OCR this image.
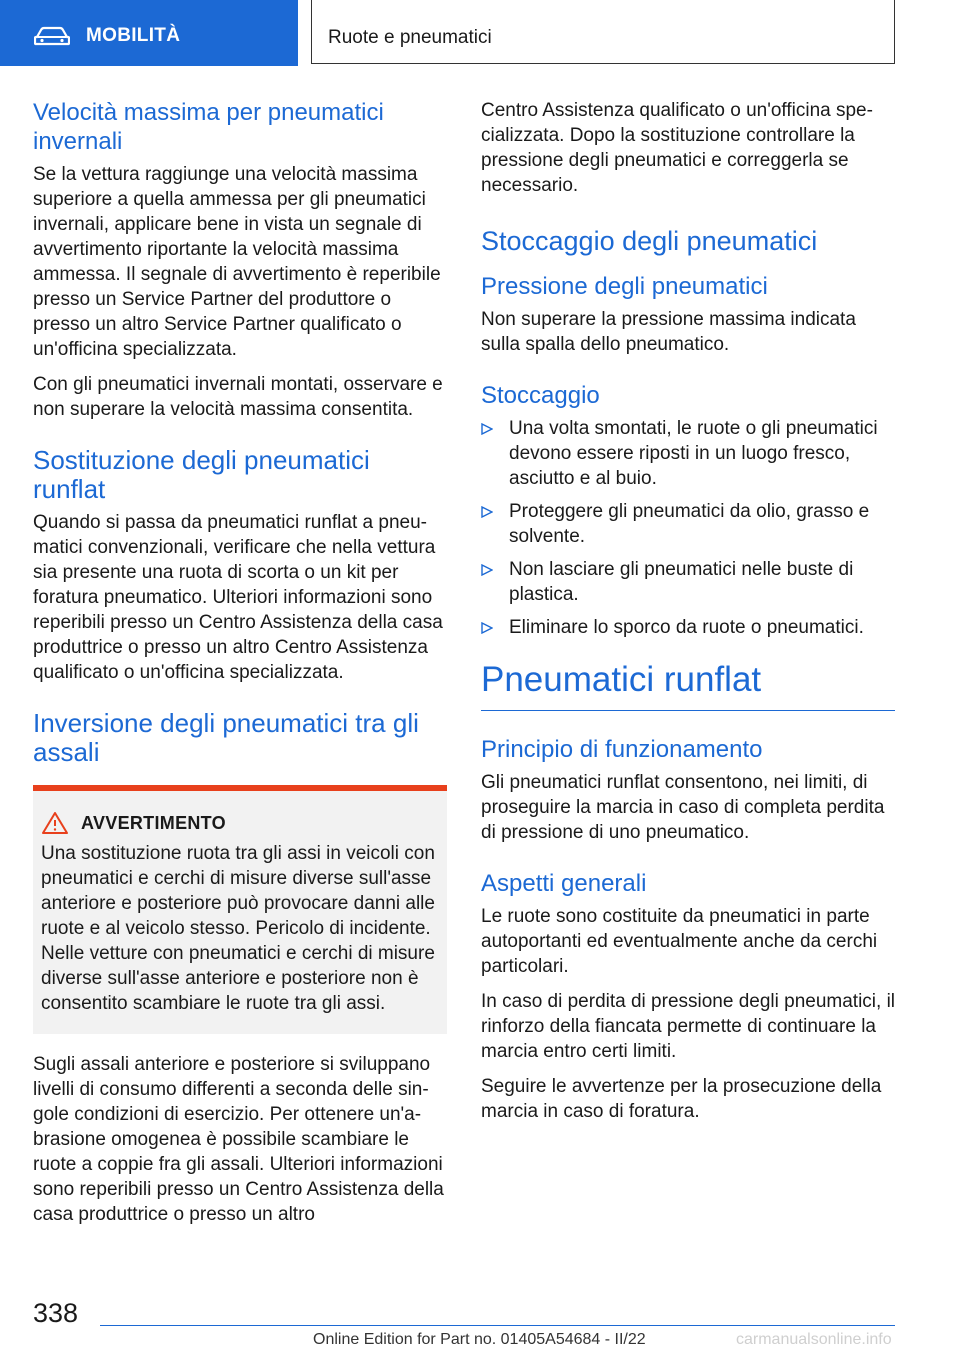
MOBILITÀ	Ruote e pneumatici
Velocità massima per pneumatici invernali

Se la vettura raggiunge una velocità massima superiore a quella ammessa per gli pneumatici invernali, applicare bene in vista un segnale di avvertimento riportante la velocità massima ammessa. Il segnale di avvertimento è reperibile presso un Service Partner del produttore o presso un altro Service Partner qualificato o un'officina specializzata.

Con gli pneumatici invernali montati, osservare e non superare la velocità massima consentita.

Sostituzione degli pneumatici runflat

Quando si passa da pneumatici runflat a pneumatici convenzionali, verificare che nella vettura sia presente una ruota di scorta o un kit per foratura pneumatico. Ulteriori informazioni sono reperibili presso un Centro Assistenza della casa produttrice o presso un altro Centro Assistenza qualificato o un'officina specializzata.

Inversione degli pneumatici tra gli assali
AVVERTIMENTO

Una sostituzione ruota tra gli assi in veicoli con pneumatici e cerchi di misure diverse sull'asse anteriore e posteriore può provocare danni alle ruote e al veicolo stesso. Pericolo di incidente. Nelle vetture con pneumatici e cerchi di misure diverse sull'asse anteriore e posteriore non è consentito scambiare le ruote tra gli assi.

Sugli assali anteriore e posteriore si sviluppano livelli di consumo differenti a seconda delle singole condizioni di esercizio. Per ottenere un'abrasione omogenea è possibile scambiare le ruote a coppie fra gli assali. Ulteriori informazioni sono reperibili presso un Centro Assistenza della casa produttrice o presso un altro

Centro Assistenza qualificato o un'officina specializzata. Dopo la sostituzione controllare la pressione degli pneumatici e correggerla se necessario.

Stoccaggio degli pneumatici
Pressione degli pneumatici

Non superare la pressione massima indicata sulla spalla dello pneumatico.

Stoccaggio
Una volta smontati, le ruote o gli pneumatici devono essere riposti in un luogo fresco, asciutto e al buio.
Proteggere gli pneumatici da olio, grasso e solvente.
Non lasciare gli pneumatici nelle buste di plastica.
Eliminare lo sporco da ruote o pneumatici.
Pneumatici runflat
Principio di funzionamento

Gli pneumatici runflat consentono, nei limiti, di proseguire la marcia in caso di completa perdita di pressione di uno pneumatico.

Aspetti generali

Le ruote sono costituite da pneumatici in parte autoportanti ed eventualmente anche da cerchi particolari.

In caso di perdita di pressione degli pneumatici, il rinforzo della fiancata permette di continuare la marcia entro certi limiti.

Seguire le avvertenze per la prosecuzione della marcia in caso di foratura.

338
Online Edition for Part no. 01405A54684 - II/22	carmanualsonline.info
